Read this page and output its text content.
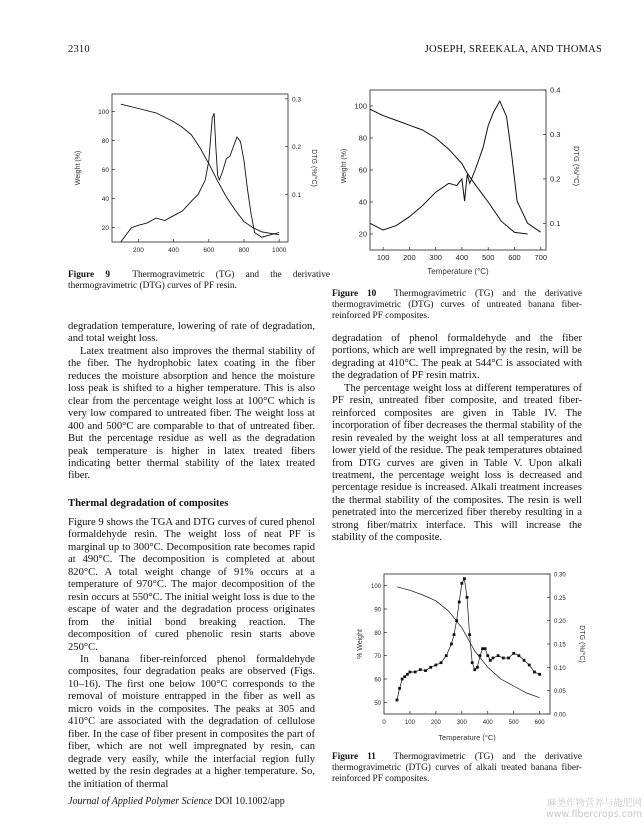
2310	JOSEPH, SREEKALA, AND THOMAS
Weight (%)	DTG (%/°C)
200	400	600	800	1000
100
80
60
40
20
0.3
0.2
0.1
Figure 9 Thermogravimetric (TG) and the derivative thermogravimetric (DTG) curves of PF resin.
Weight (%)	DTG (%/°C)
Temperature (°C)
100 200 300 400 500 600 700
100
80
60
40
20
0.4
0.3
0.2
0.1
Figure 10 Thermogravimetric (TG) and the derivative thermogravimetric (DTG) curves of untreated banana fiber-reinforced PF composites.

degradation temperature, lowering of rate of degradation, and total weight loss.

Latex treatment also improves the thermal stability of the fiber. The hydrophobic latex coating in the fiber reduces the moisture absorption and hence the moisture loss peak is shifted to a higher temperature. This is also clear from the percentage weight loss at 100°C which is very low compared to untreated fiber. The weight loss at 400 and 500°C are comparable to that of untreated fiber. But the percentage residue as well as the degradation peak temperature is higher in latex treated fibers indicating better thermal stability of the latex treated fiber.

Thermal degradation of composites

Figure 9 shows the TGA and DTG curves of cured phenol formaldehyde resin. The weight loss of neat PF is marginal up to 300°C. Decomposition rate becomes rapid at 490°C. The decomposition is completed at about 820°C. A total weight change of 91% occurs at a temperature of 970°C. The major decomposition of the resin occurs at 550°C. The initial weight loss is due to the escape of water and the degradation process originates from the initial bond breaking reaction. The decomposition of cured phenolic resin starts above 250°C.

In banana fiber-reinforced phenol formaldehyde composites, four degradation peaks are observed (Figs. 10–16). The first one below 100°C corresponds to the removal of moisture entrapped in the fiber as well as micro voids in the composites. The peaks at 305 and 410°C are associated with the degradation of cellulose fiber. In the case of fiber present in composites the part of fiber, which are not well impregnated by resin, can degrade very easily, while the interfacial region fully wetted by the resin degrades at a higher temperature. So, the initiation of thermal

degradation of phenol formaldehyde and the fiber portions, which are well impregnated by the resin, will be degrading at 410°C. The peak at 544°C is associated with the degradation of PF resin matrix.

The percentage weight loss at different temperatures of PF resin, untreated fiber composite, and treated fiber-reinforced composites are given in Table IV. The incorporation of fiber decreases the thermal stability of the resin revealed by the weight loss at all temperatures and lower yield of the residue. The peak temperatures obtained from DTG curves are given in Table V. Upon alkali treatment, the percentage weight loss is decreased and percentage residue is increased. Alkali treatment increases the thermal stability of the composites. The resin is well penetrated into the mercerized fiber thereby resulting in a strong fiber/matrix interface. This will increase the stability of the composite.

% Weight	DTG (%/°C)
Temperature (°C)
0	100	200	300	400	500	600
100
90
80
70
60
50
0.30
0.25
0.20
0.15
0.10
0.05
0.00
Figure 11 Thermogravimetric (TG) and the derivative thermogravimetric (DTG) curves of alkali treated banana fiber-reinforced PF composites.
Journal of Applied Polymer Science DOI 10.1002/app	麻类作物营养与施肥网
www.fibercrops.com
